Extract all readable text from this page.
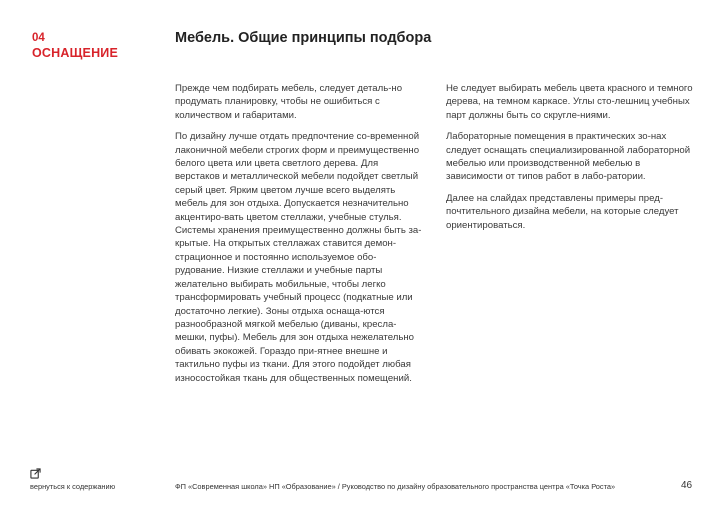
04
ОСНАЩЕНИЕ
Мебель. Общие принципы подбора

Прежде чем подбирать мебель, следует деталь-но продумать планировку, чтобы не ошибиться с количеством и габаритами.

По дизайну лучше отдать предпочтение со-временной лаконичной мебели строгих форм и преимущественно белого цвета или цвета светлого дерева. Для верстаков и металлической мебели подойдет светлый серый цвет. Ярким цветом лучше всего выделять мебель для зон отдыха. Допускается незначительно акцентиро-вать цветом стеллажи, учебные стулья. Системы хранения преимущественно должны быть за-крытые. На открытых стеллажах ставится демон-страционное и постоянно используемое обо-рудование. Низкие стеллажи и учебные парты желательно выбирать мобильные, чтобы легко трансформировать учебный процесс (подкатные или достаточно легкие). Зоны отдыха оснаща-ются разнообразной мягкой мебелью (диваны, кресла-мешки, пуфы). Мебель для зон отдыха нежелательно обивать экокожей. Гораздо при-ятнее внешне и тактильно пуфы из ткани. Для этого подойдет любая износостойкая ткань для общественных помещений.

Не следует выбирать мебель цвета красного и темного дерева, на темном каркасе. Углы сто-лешниц учебных парт должны быть со скругле-ниями.

Лабораторные помещения в практических зо-нах следует оснащать специализированной лабораторной мебелью или производственной мебелью в зависимости от типов работ в лабо-ратории.

Далее на слайдах представлены примеры пред-почтительного дизайна мебели, на которые следует ориентироваться.

вернуться к содержанию	ФП «Современная школа» НП «Образование» / Руководство по дизайну образовательного пространства центра «Точка Роста»	46
